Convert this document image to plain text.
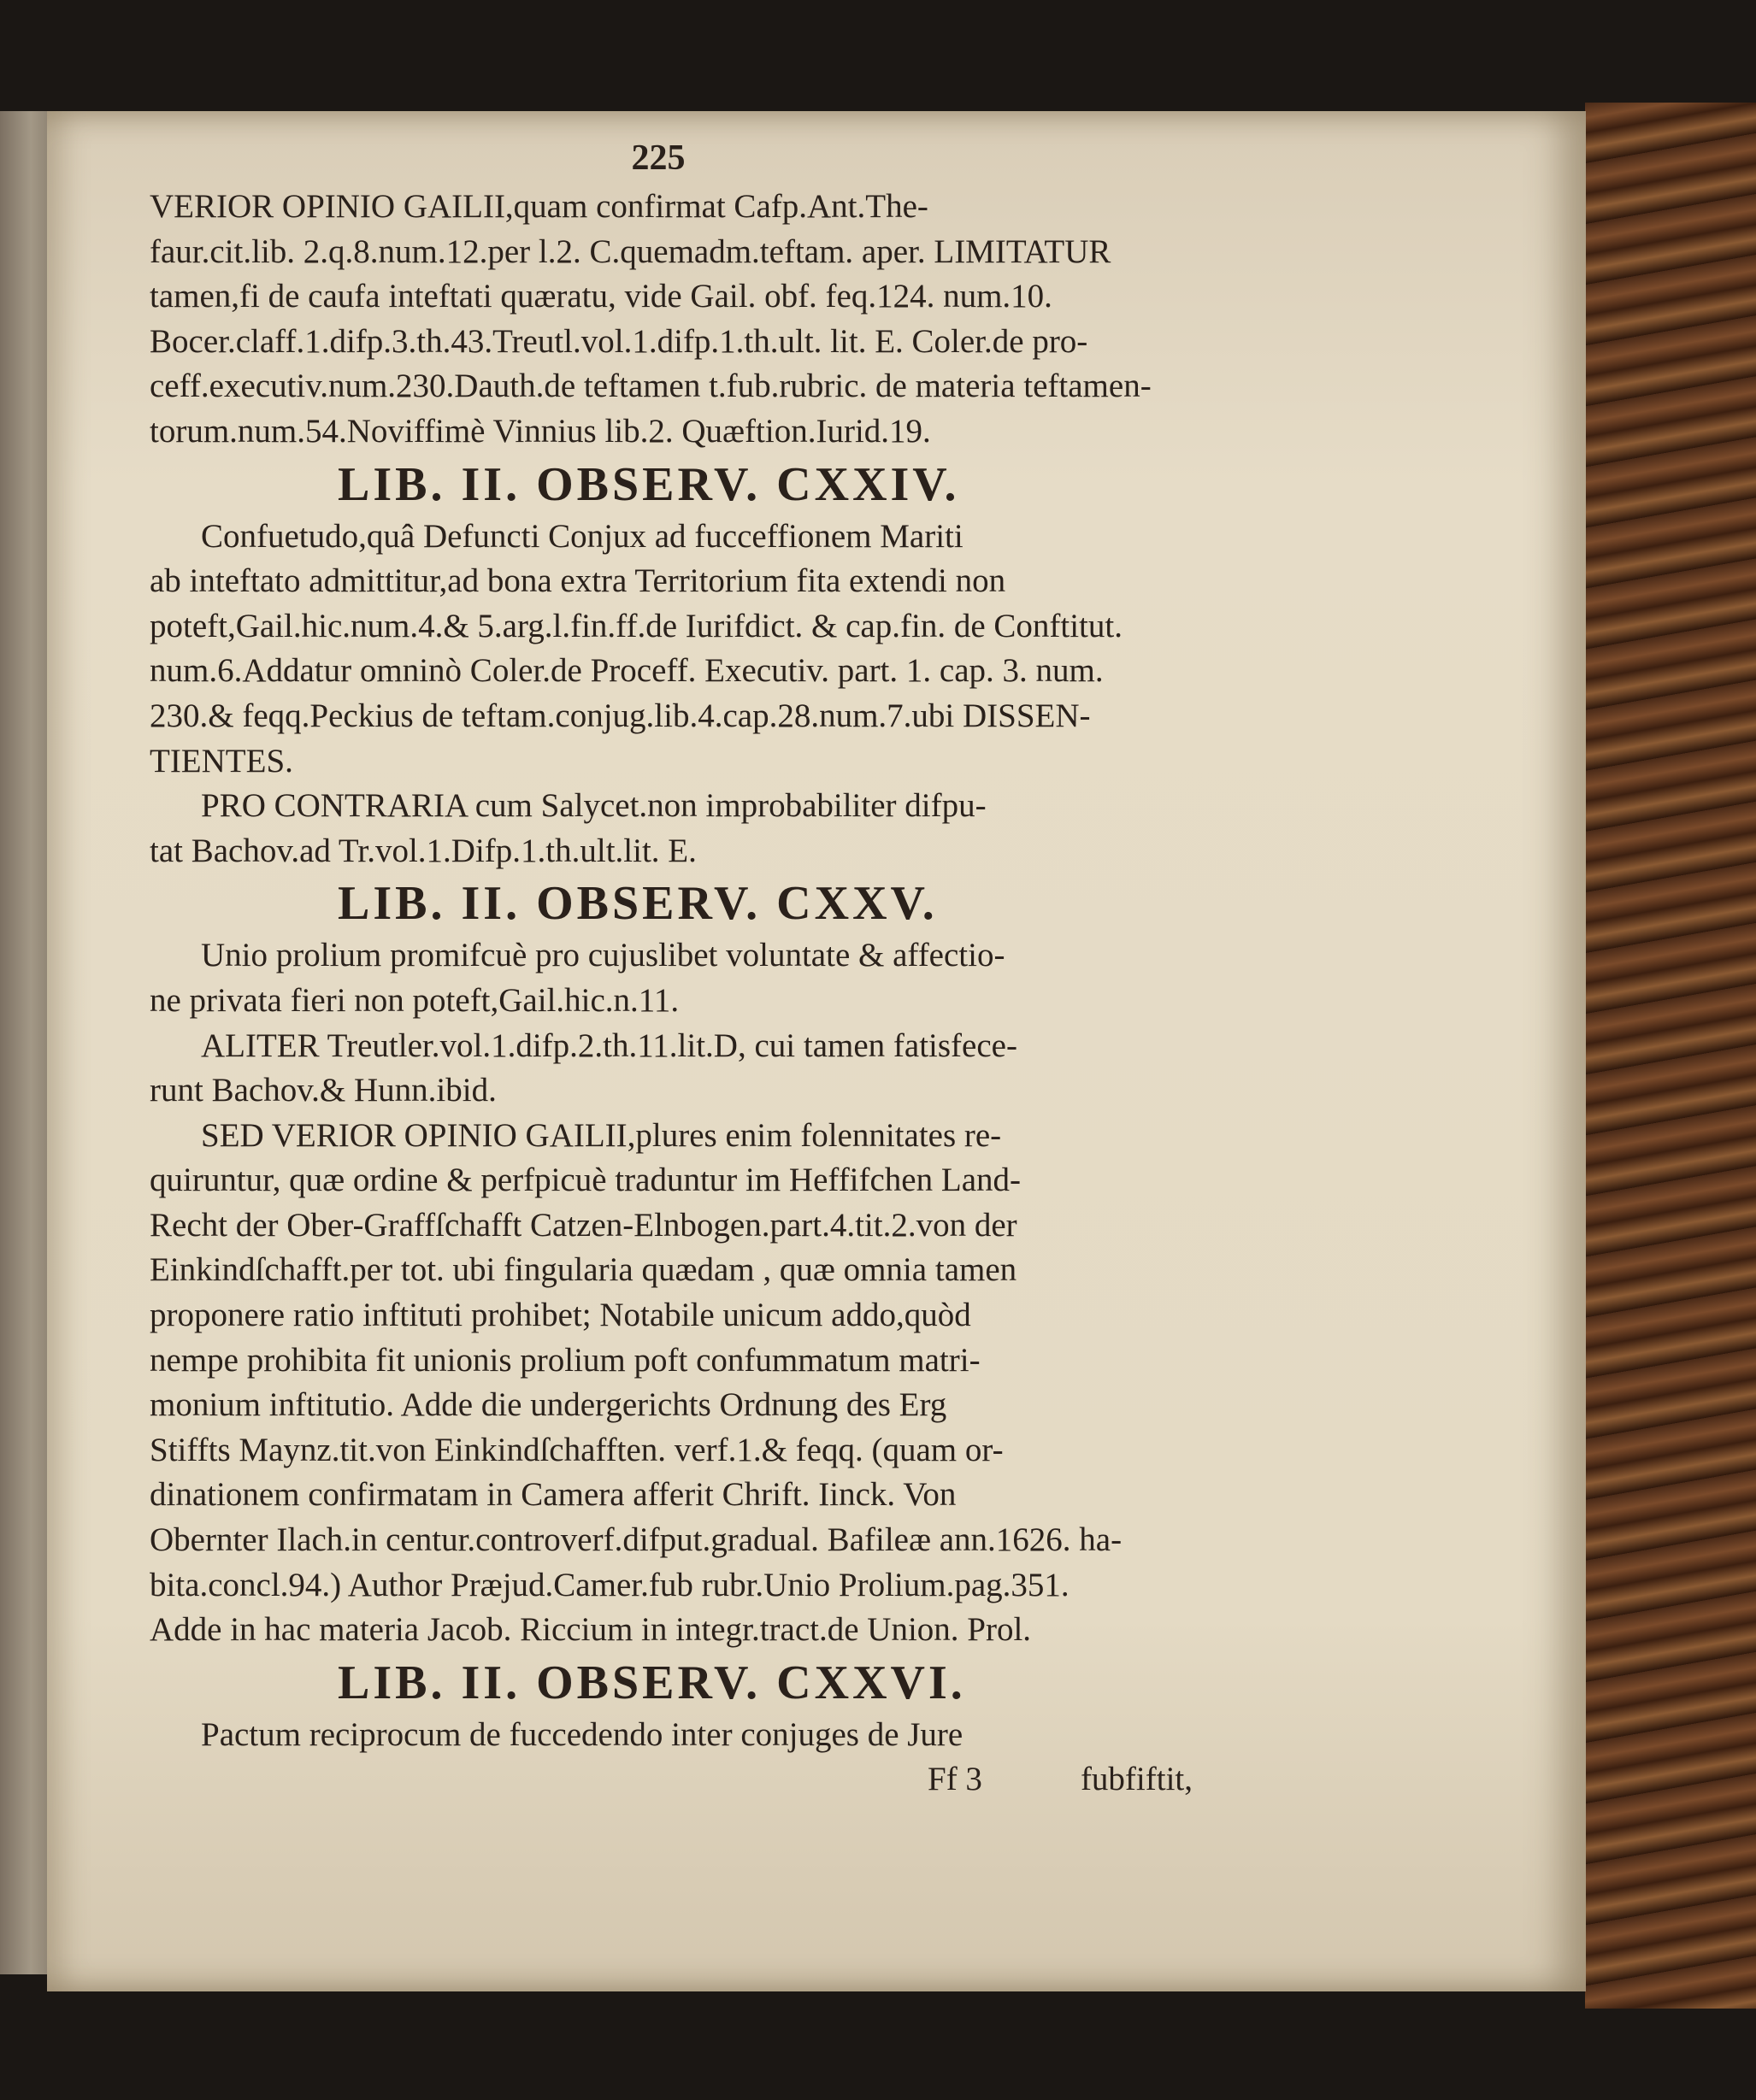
225
VERIOR OPINIO GAILII,quam confirmat Cafp.Ant.The-
faur.cit.lib. 2.q.8.num.12.per l.2. C.quemadm.teftam. aper. LIMITATUR
tamen,fi de caufa inteftati quæratu, vide Gail. obf. feq.124. num.10.
Bocer.claff.1.difp.3.th.43.Treutl.vol.1.difp.1.th.ult. lit. E. Coler.de pro-
ceff.executiv.num.230.Dauth.de teftamen t.fub.rubric. de materia teftamen-
torum.num.54.Noviffimè Vinnius lib.2. Quæftion.Iurid.19.
LIB. II. OBSERV. CXXIV.
Confuetudo,quâ Defuncti Conjux ad fucceffionem Mariti
ab inteftato admittitur,ad bona extra Territorium fita extendi non
poteft,Gail.hic.num.4.& 5.arg.l.fin.ff.de Iurifdict. & cap.fin. de Conftitut.
num.6.Addatur omninò Coler.de Proceff. Executiv. part. 1. cap. 3. num.
230.& feqq.Peckius de teftam.conjug.lib.4.cap.28.num.7.ubi DISSEN-
TIENTES.
PRO CONTRARIA cum Salycet.non improbabiliter difpu-
tat Bachov.ad Tr.vol.1.Difp.1.th.ult.lit. E.
LIB. II. OBSERV. CXXV.
Unio prolium promifcuè pro cujuslibet voluntate & affectio-
ne privata fieri non poteft,Gail.hic.n.11.
ALITER Treutler.vol.1.difp.2.th.11.lit.D, cui tamen fatisfece-
runt Bachov.& Hunn.ibid.
SED VERIOR OPINIO GAILII,plures enim folennitates re-
quiruntur, quæ ordine & perfpicuè traduntur im Heffifchen Land-
Recht der Ober-Graffſchafft Catzen-Elnbogen.part.4.tit.2.von der
Einkindſchafft.per tot. ubi fingularia quædam , quæ omnia tamen
proponere ratio inftituti prohibet; Notabile unicum addo,quòd
nempe prohibita fit unionis prolium poft confummatum matri-
monium inftitutio. Adde die undergerichts Ordnung des Erg
Stiffts Maynz.tit.von Einkindſchafften. verf.1.& feqq. (quam or-
dinationem confirmatam in Camera afferit Chrift. Iinck. Von
Obernter Ilach.in centur.controverf.difput.gradual. Bafileæ ann.1626. ha-
bita.concl.94.) Author Præjud.Camer.fub rubr.Unio Prolium.pag.351.
Adde in hac materia Jacob. Riccium in integr.tract.de Union. Prol.
LIB. II. OBSERV. CXXVI.
Pactum reciprocum de fuccedendo inter conjuges de Jure
Ff 3	fubfiftit,
